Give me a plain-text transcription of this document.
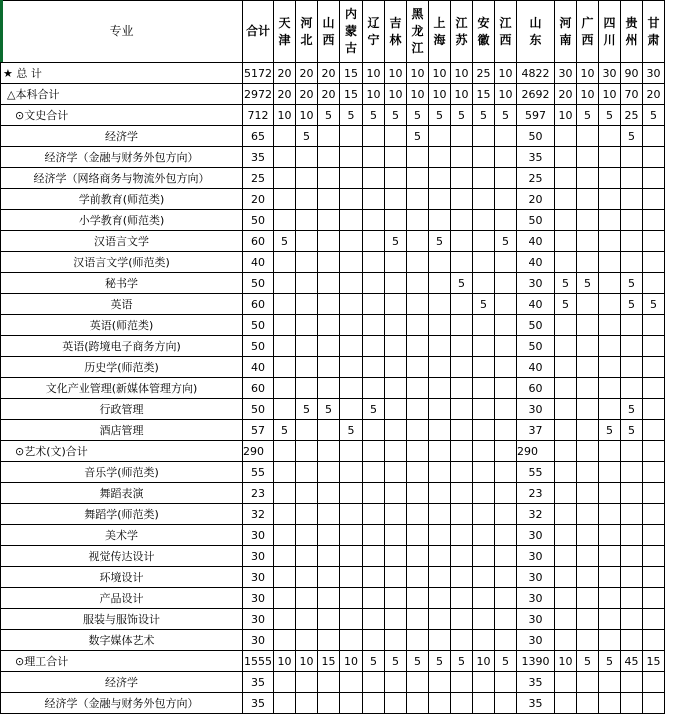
专业	合计	天津	河北	山西	内蒙古	辽宁	吉林	黑龙江	上海	江苏	安徽	江西	山东	河南	广西	四川	贵州	甘肃
★ 总 计	5172	20	20	20	15	10	10	10	10	10	25	10	4822	30	10	30	90	30
△本科合计	2972	20	20	20	15	10	10	10	10	10	15	10	2692	20	10	10	70	20
⊙文史合计	712	10	10	5	5	5	5	5	5	5	5	5	597	10	5	5	25	5
经济学	65		5					5					50				5	
经济学（金融与财务外包方向）	35												35					
经济学（网络商务与物流外包方向）	25												25					
学前教育(师范类)	20												20					
小学教育(师范类)	50												50					
汉语言文学	60	5					5		5			5	40					
汉语言文学(师范类)	40												40					
秘书学	50									5			30	5	5		5	
英语	60										5		40	5			5	5
英语(师范类)	50												50					
英语(跨境电子商务方向)	50												50					
历史学(师范类)	40												40					
文化产业管理(新媒体管理方向)	60												60					
行政管理	50		5	5		5							30				5	
酒店管理	57	5			5								37			5	5	
⊙艺术(文)合计	290												290					
音乐学(师范类)	55												55					
舞蹈表演	23												23					
舞蹈学(师范类)	32												32					
美术学	30												30					
视觉传达设计	30												30					
环境设计	30												30					
产品设计	30												30					
服装与服饰设计	30												30					
数字媒体艺术	30												30					
⊙理工合计	1555	10	10	15	10	5	5	5	5	5	10	5	1390	10	5	5	45	15
经济学	35												35					
经济学（金融与财务外包方向）	35												35					
